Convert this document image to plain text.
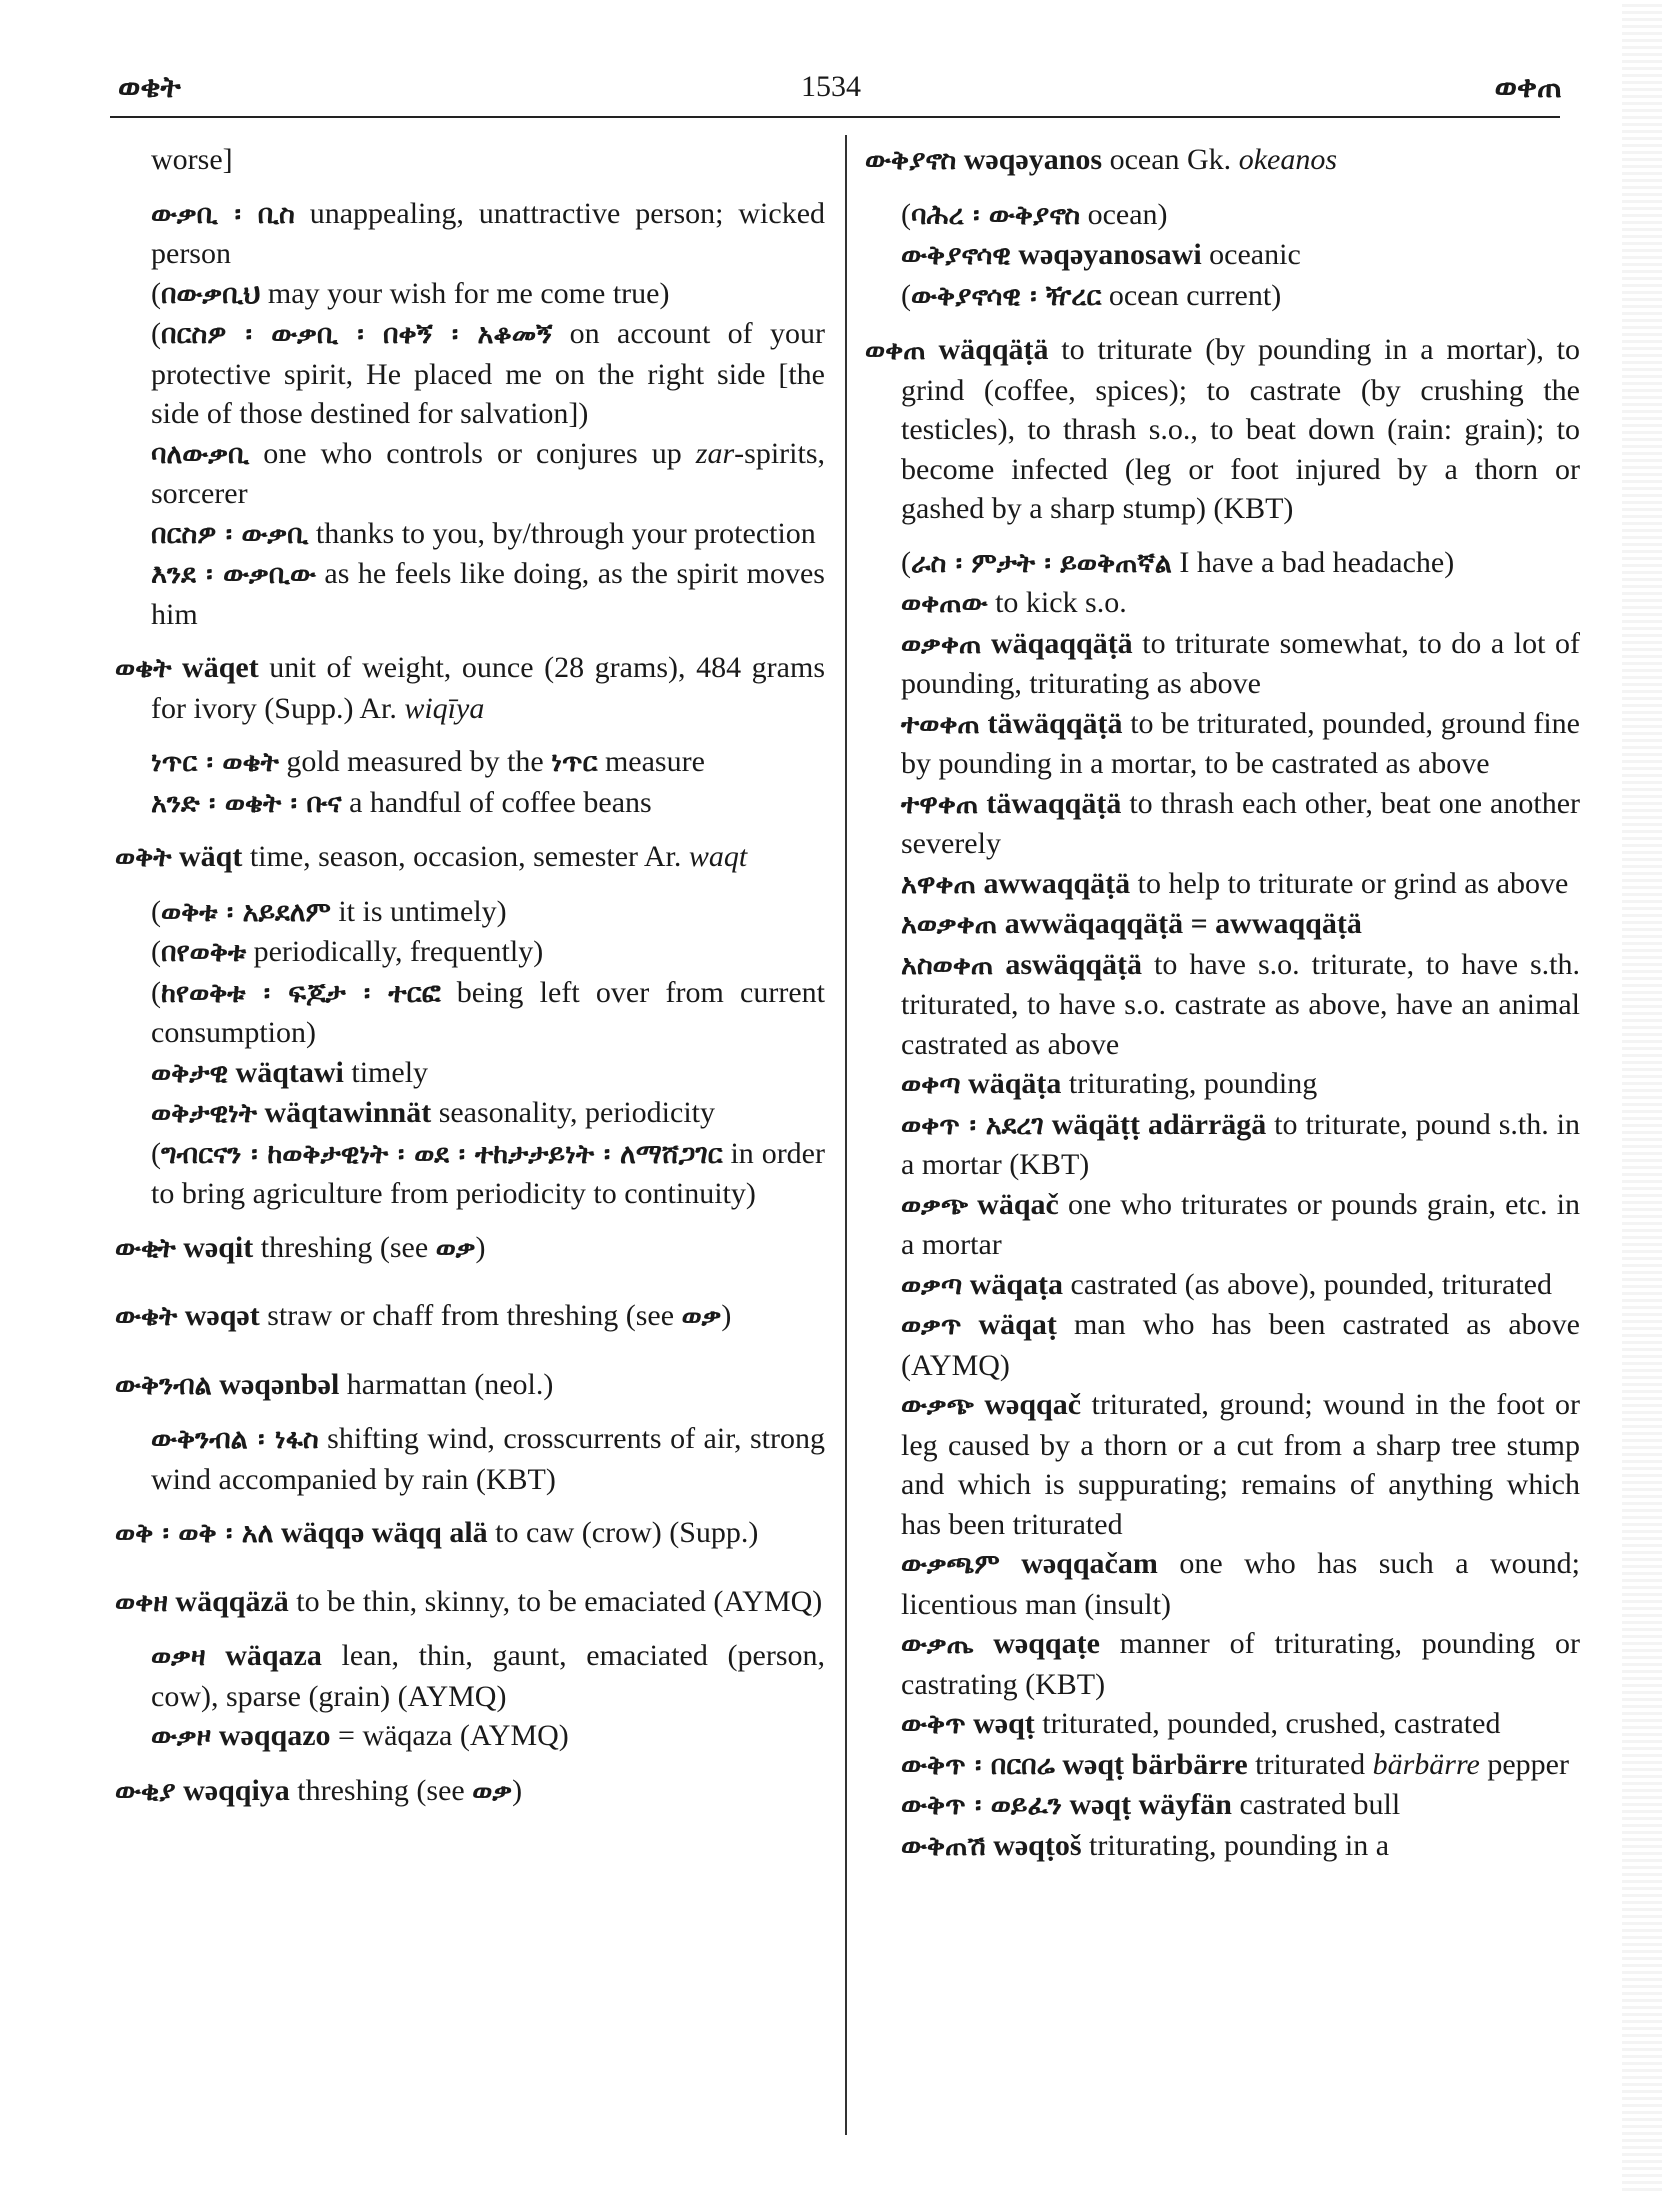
ወቄት	1534	ወቀጠ
worse]
ውቃቢ ፡ ቢስ unappealing, unattractive person; wicked person
(በውቃቢህ may your wish for me come true)
(በርስዎ ፡ ውቃቢ ፡ በቀኝ ፡ አቆመኝ on account of your protective spirit, He placed me on the right side [the side of those destined for salvation])
ባለውቃቢ one who controls or conjures up zar-spirits, sorcerer
በርስዎ ፡ ውቃቢ thanks to you, by/through your protection
እንደ ፡ ውቃቢው as he feels like doing, as the spirit moves him
ወቄት wäqet unit of weight, ounce (28 grams), 484 grams for ivory (Supp.) Ar. wiqīya
ነጥር ፡ ወቄት gold measured by the ነጥር measure
አንድ ፡ ወቄት ፡ ቡና a handful of coffee beans
ወቅት wäqt time, season, occasion, semester Ar. waqt
(ወቅቱ ፡ አይደለም it is untimely)
(በየወቅቱ periodically, frequently)
(ከየወቅቱ ፡ ፍጆታ ፡ ተርፎ being left over from current consumption)
ወቅታዊ wäqtawi timely
ወቅታዊነት wäqtawinnät seasonality, periodicity
(ግብርናን ፡ ከወቅታዊነት ፡ ወደ ፡ ተከታታይነት ፡ ለማሸጋገር in order to bring agriculture from periodicity to continuity)
ውቂት wəqit threshing (see ወቃ)
ውቄት wəqət straw or chaff from threshing (see ወቃ)
ውቅንብል wəqənbəl harmattan (neol.)
ውቅንብል ፡ ነፋስ shifting wind, crosscurrents of air, strong wind accompanied by rain (KBT)
ወቅ ፡ ወቅ ፡ አለ wäqqə wäqq alä to caw (crow) (Supp.)
ወቀዘ wäqqäzä to be thin, skinny, to be emaciated (AYMQ)
ወቃዛ wäqaza lean, thin, gaunt, emaciated (person, cow), sparse (grain) (AYMQ)
ውቃዞ wəqqazo = wäqaza (AYMQ)
ውቂያ wəqqiya threshing (see ወቃ)
ውቅያኖስ wəqəyanos ocean Gk. okeanos
(ባሕረ ፡ ውቅያኖስ ocean)
ውቅያኖሳዊ wəqəyanosawi oceanic
(ውቅያኖሳዊ ፡ ዥረር ocean current)
ወቀጠ wäqqäṭä to triturate (by pounding in a mortar), to grind (coffee, spices); to castrate (by crushing the testicles), to thrash s.o., to beat down (rain: grain); to become infected (leg or foot injured by a thorn or gashed by a sharp stump) (KBT)
(ራስ ፡ ምታት ፡ ይወቅጠኛል I have a bad headache)
ወቀጠው to kick s.o.
ወቃቀጠ wäqaqqäṭä to triturate somewhat, to do a lot of pounding, triturating as above
ተወቀጠ täwäqqäṭä to be triturated, pounded, ground fine by pounding in a mortar, to be castrated as above
ተዋቀጠ täwaqqäṭä to thrash each other, beat one another severely
አዋቀጠ awwaqqäṭä to help to triturate or grind as above
አወቃቀጠ awwäqaqqäṭä = awwaqqäṭä
አስወቀጠ aswäqqäṭä to have s.o. triturate, to have s.th. triturated, to have s.o. castrate as above, have an animal castrated as above
ወቀጣ wäqäṭa triturating, pounding
ወቀጥ ፡ አደረገ wäqäṭṭ adärrägä to triturate, pound s.th. in a mortar (KBT)
ወቃጭ wäqač one who triturates or pounds grain, etc. in a mortar
ወቃጣ wäqaṭa castrated (as above), pounded, triturated
ወቃጥ wäqaṭ man who has been castrated as above (AYMQ)
ውቃጭ wəqqač triturated, ground; wound in the foot or leg caused by a thorn or a cut from a sharp tree stump and which is suppurating; remains of anything which has been triturated
ውቃጫም wəqqačam one who has such a wound; licentious man (insult)
ውቃጤ wəqqaṭe manner of triturating, pounding or castrating (KBT)
ውቅጥ wəqṭ triturated, pounded, crushed, castrated
ውቅጥ ፡ በርበሬ wəqṭ bärbärre triturated bärbärre pepper
ውቅጥ ፡ ወይፈን wəqṭ wäyfän castrated bull
ውቅጠሽ wəqṭoš triturating, pounding in a
